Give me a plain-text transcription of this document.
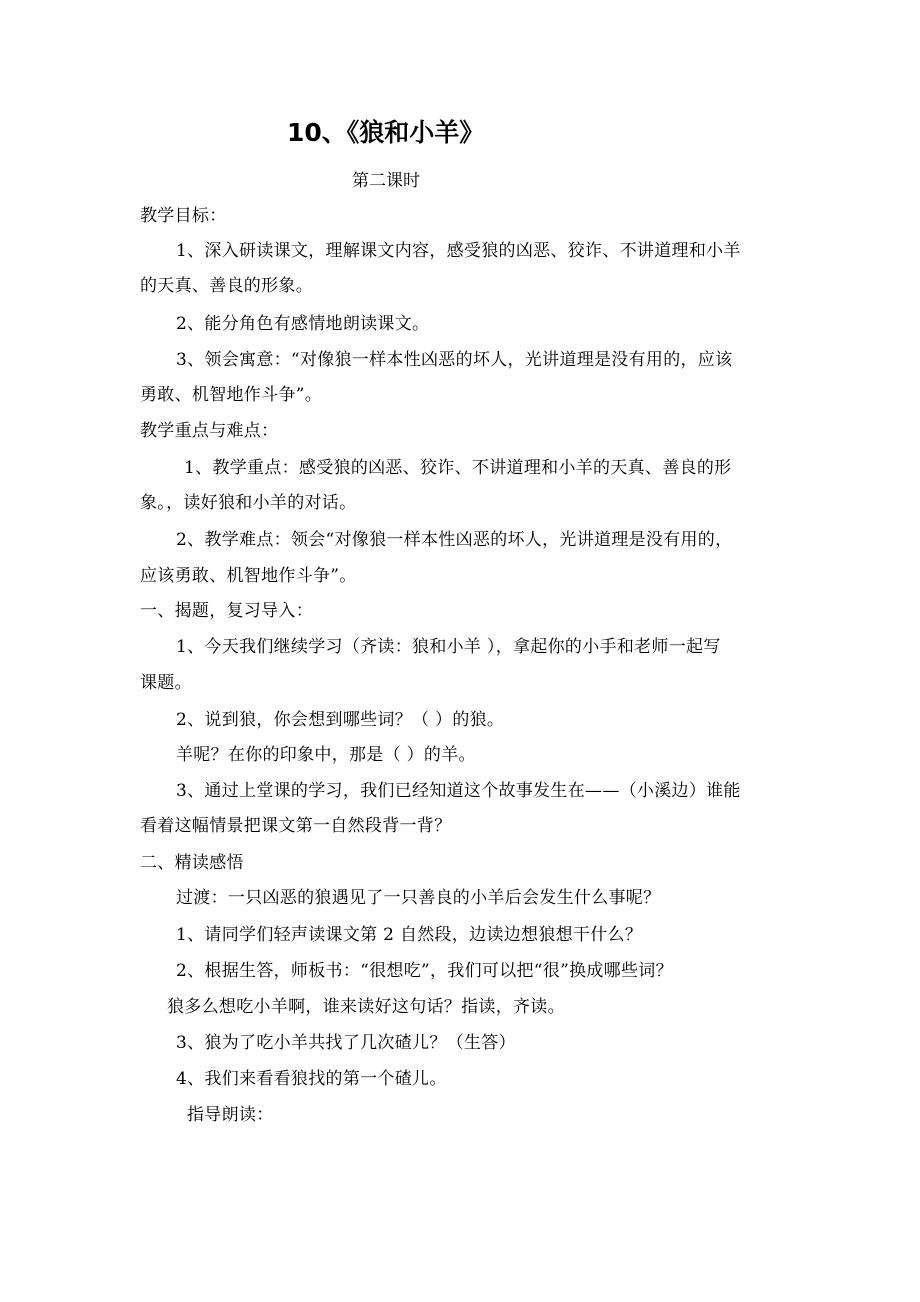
10、《狼和小羊》
第二课时
教学目标：
1、深入研读课文，理解课文内容，感受狼的凶恶、狡诈、不讲道理和小羊
的天真、善良的形象。
2、能分角色有感情地朗读课文。
3、领会寓意：“对像狼一样本性凶恶的坏人，光讲道理是没有用的，应该
勇敢、机智地作斗争”。
教学重点与难点：
1、教学重点：感受狼的凶恶、狡诈、不讲道理和小羊的天真、善良的形
象。，读好狼和小羊的对话。
2、教学难点：领会“对像狼一样本性凶恶的坏人，光讲道理是没有用的，
应该勇敢、机智地作斗争”。
一、揭题，复习导入：
1、今天我们继续学习（齐读：狼和小羊 ），拿起你的小手和老师一起写
课题。
2、说到狼，你会想到哪些词？（ ）的狼。
羊呢？在你的印象中，那是（ ）的羊。
3、通过上堂课的学习，我们已经知道这个故事发生在——（小溪边）谁能
看着这幅情景把课文第一自然段背一背？
二、精读感悟
过渡：一只凶恶的狼遇见了一只善良的小羊后会发生什么事呢？
1、请同学们轻声读课文第 2 自然段，边读边想狼想干什么？
2、根据生答，师板书：“很想吃”，我们可以把“很”换成哪些词？
狼多么想吃小羊啊，谁来读好这句话？指读，齐读。
3、狼为了吃小羊共找了几次碴儿？（生答）
4、我们来看看狼找的第一个碴儿。
指导朗读：
